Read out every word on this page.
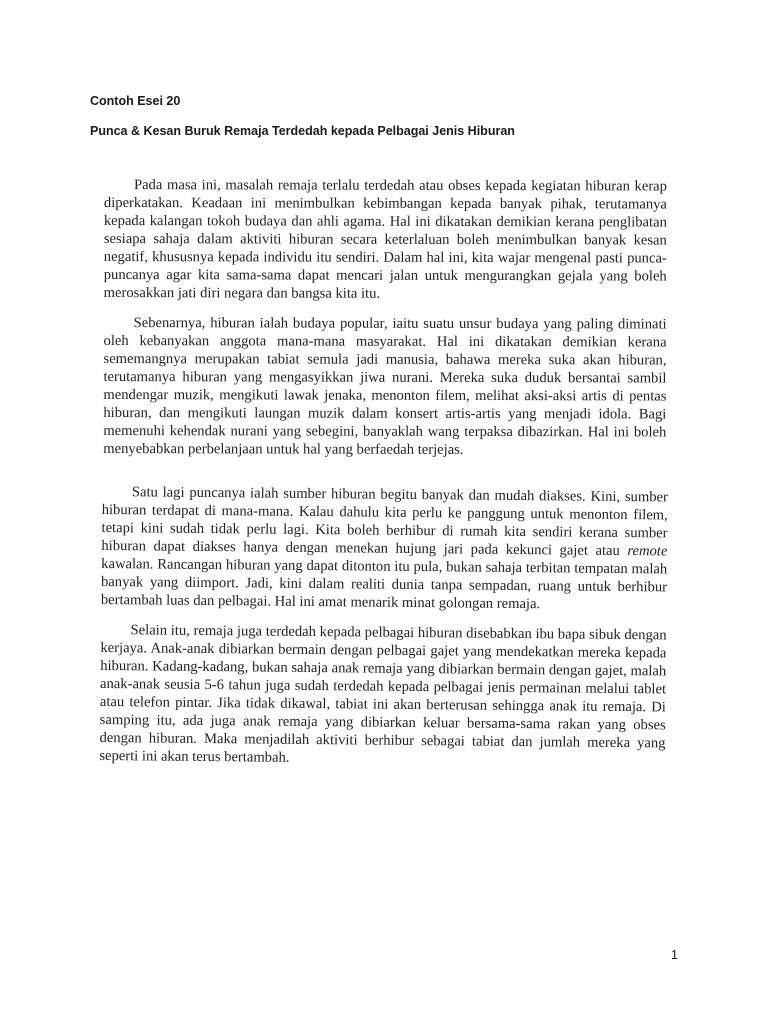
Contoh Esei 20
Punca & Kesan Buruk Remaja Terdedah kepada Pelbagai Jenis Hiburan

Pada masa ini, masalah remaja terlalu terdedah atau obses kepada kegiatan hiburan kerap diperkatakan. Keadaan ini menimbulkan kebimbangan kepada banyak pihak, terutamanya kepada kalangan tokoh budaya dan ahli agama. Hal ini dikatakan demikian kerana penglibatan sesiapa sahaja dalam aktiviti hiburan secara keterlaluan boleh menimbulkan banyak kesan negatif, khususnya kepada individu itu sendiri. Dalam hal ini, kita wajar mengenal pasti punca-puncanya agar kita sama-sama dapat mencari jalan untuk mengurangkan gejala yang boleh merosakkan jati diri negara dan bangsa kita itu.

Sebenarnya, hiburan ialah budaya popular, iaitu suatu unsur budaya yang paling diminati oleh kebanyakan anggota mana-mana masyarakat. Hal ini dikatakan demikian kerana sememangnya merupakan tabiat semula jadi manusia, bahawa mereka suka akan hiburan, terutamanya hiburan yang mengasyikkan jiwa nurani. Mereka suka duduk bersantai sambil mendengar muzik, mengikuti lawak jenaka, menonton filem, melihat aksi-aksi artis di pentas hiburan, dan mengikuti laungan muzik dalam konsert artis-artis yang menjadi idola. Bagi memenuhi kehendak nurani yang sebegini, banyaklah wang terpaksa dibazirkan. Hal ini boleh menyebabkan perbelanjaan untuk hal yang berfaedah terjejas.

Satu lagi puncanya ialah sumber hiburan begitu banyak dan mudah diakses. Kini, sumber hiburan terdapat di mana-mana. Kalau dahulu kita perlu ke panggung untuk menonton filem, tetapi kini sudah tidak perlu lagi. Kita boleh berhibur di rumah kita sendiri kerana sumber hiburan dapat diakses hanya dengan menekan hujung jari pada kekunci gajet atau remote kawalan. Rancangan hiburan yang dapat ditonton itu pula, bukan sahaja terbitan tempatan malah banyak yang diimport. Jadi, kini dalam realiti dunia tanpa sempadan, ruang untuk berhibur bertambah luas dan pelbagai. Hal ini amat menarik minat golongan remaja.

Selain itu, remaja juga terdedah kepada pelbagai hiburan disebabkan ibu bapa sibuk dengan kerjaya. Anak-anak dibiarkan bermain dengan pelbagai gajet yang mendekatkan mereka kepada hiburan. Kadang-kadang, bukan sahaja anak remaja yang dibiarkan bermain dengan gajet, malah anak-anak seusia 5-6 tahun juga sudah terdedah kepada pelbagai jenis permainan melalui tablet atau telefon pintar. Jika tidak dikawal, tabiat ini akan berterusan sehingga anak itu remaja. Di samping itu, ada juga anak remaja yang dibiarkan keluar bersama-sama rakan yang obses dengan hiburan. Maka menjadilah aktiviti berhibur sebagai tabiat dan jumlah mereka yang seperti ini akan terus bertambah.

1
